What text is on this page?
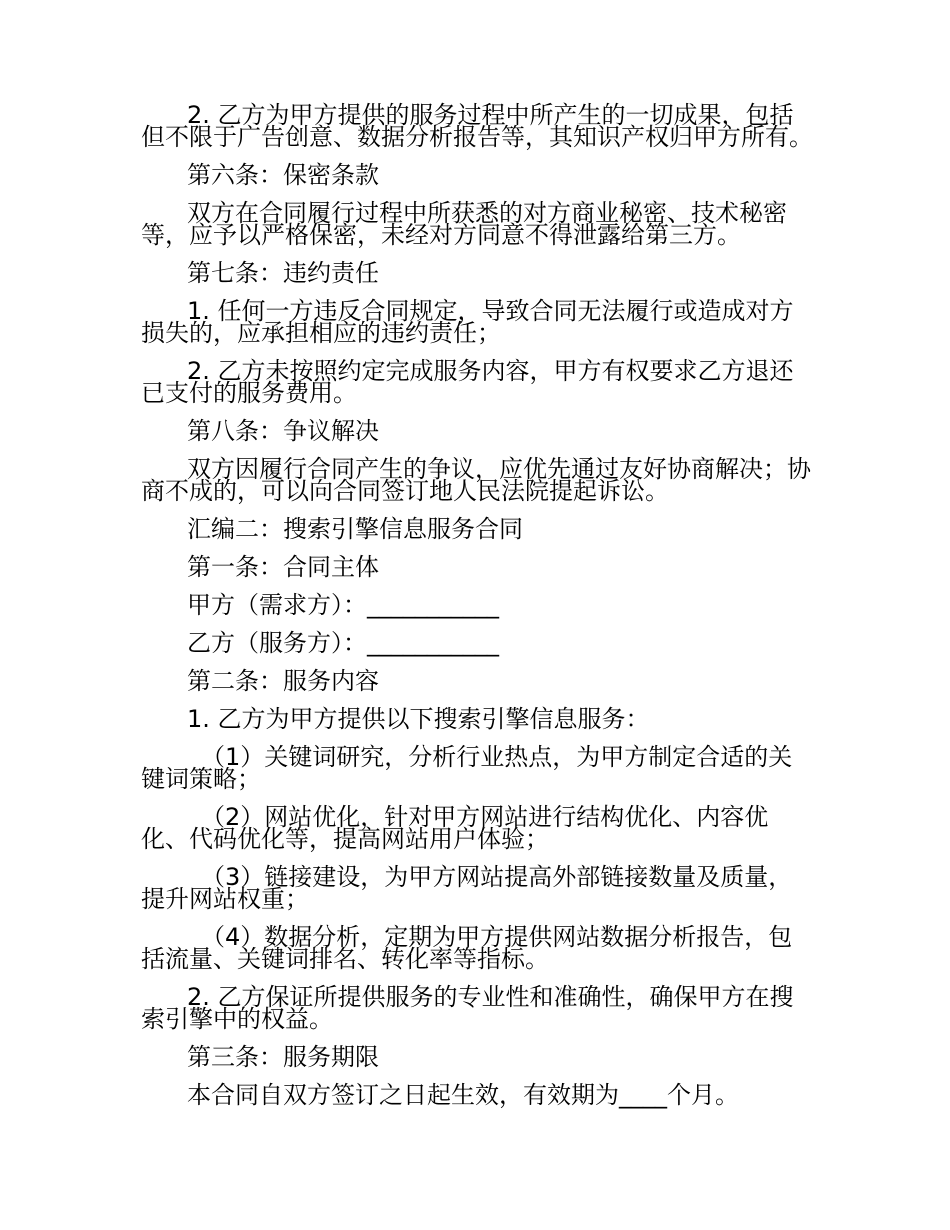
2. 乙方为甲方提供的服务过程中所产生的一切成果，包括但不限于广告创意、数据分析报告等，其知识产权归甲方所有。

第六条：保密条款

双方在合同履行过程中所获悉的对方商业秘密、技术秘密等，应予以严格保密，未经对方同意不得泄露给第三方。

第七条：违约责任

1. 任何一方违反合同规定，导致合同无法履行或造成对方损失的，应承担相应的违约责任；

2. 乙方未按照约定完成服务内容，甲方有权要求乙方退还已支付的服务费用。

第八条：争议解决

双方因履行合同产生的争议，应优先通过友好协商解决；协商不成的，可以向合同签订地人民法院提起诉讼。

汇编二：搜索引擎信息服务合同

第一条：合同主体

甲方（需求方）：___________

乙方（服务方）：___________

第二条：服务内容

1. 乙方为甲方提供以下搜索引擎信息服务：

（1）关键词研究，分析行业热点，为甲方制定合适的关键词策略；

（2）网站优化，针对甲方网站进行结构优化、内容优化、代码优化等，提高网站用户体验；

（3）链接建设，为甲方网站提高外部链接数量及质量，提升网站权重；

（4）数据分析，定期为甲方提供网站数据分析报告，包括流量、关键词排名、转化率等指标。

2. 乙方保证所提供服务的专业性和准确性，确保甲方在搜索引擎中的权益。

第三条：服务期限

本合同自双方签订之日起生效，有效期为____个月。
